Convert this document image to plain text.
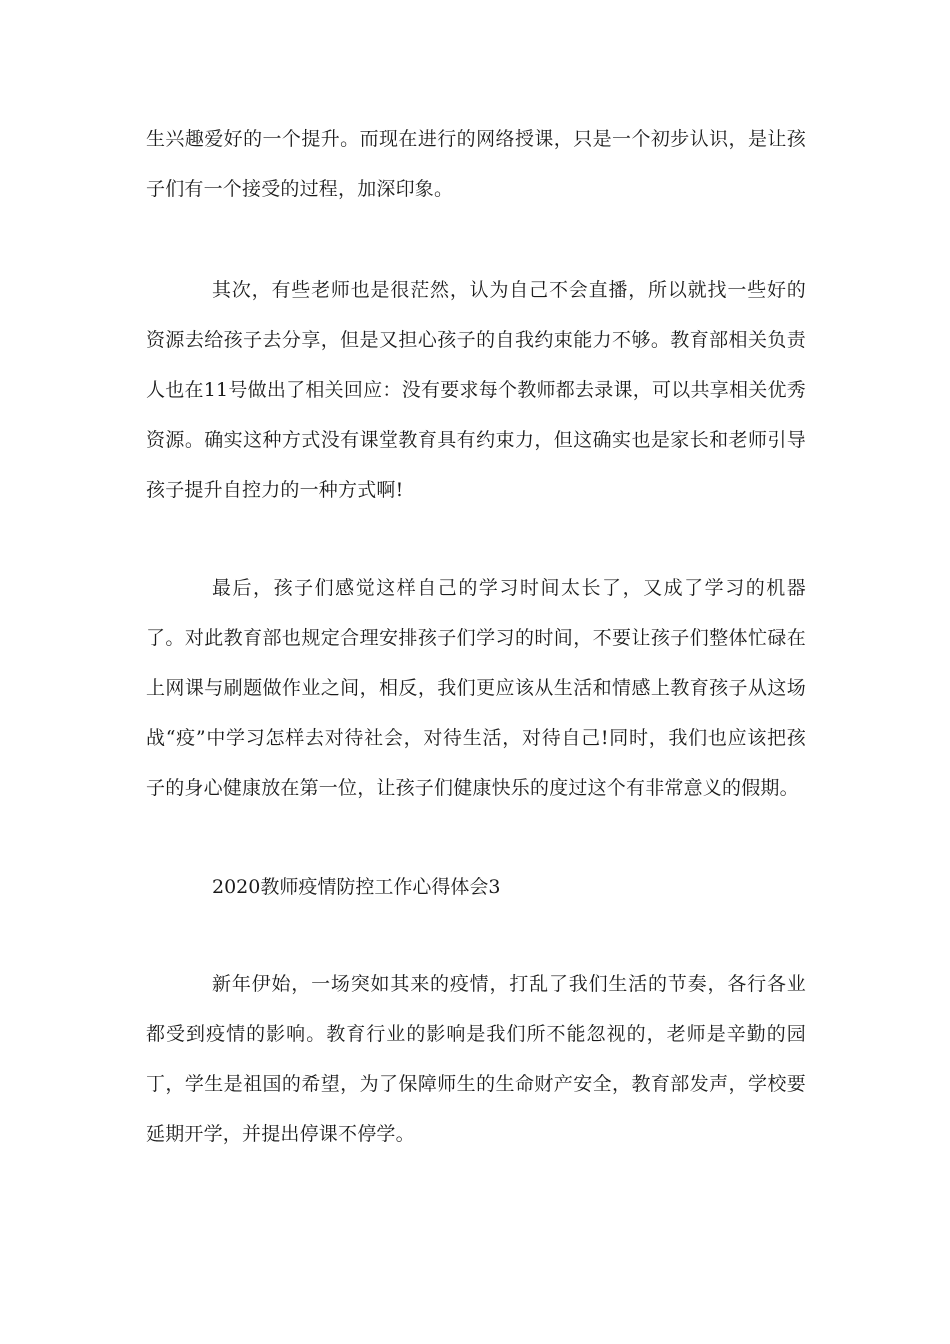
生兴趣爱好的一个提升。而现在进行的网络授课，只是一个初步认识，是让孩子们有一个接受的过程，加深印象。

其次，有些老师也是很茫然，认为自己不会直播，所以就找一些好的资源去给孩子去分享，但是又担心孩子的自我约束能力不够。教育部相关负责人也在11号做出了相关回应：没有要求每个教师都去录课，可以共享相关优秀资源。确实这种方式没有课堂教育具有约束力，但这确实也是家长和老师引导孩子提升自控力的一种方式啊!

最后，孩子们感觉这样自己的学习时间太长了，又成了学习的机器了。对此教育部也规定合理安排孩子们学习的时间，不要让孩子们整体忙碌在上网课与刷题做作业之间，相反，我们更应该从生活和情感上教育孩子从这场战“疫”中学习怎样去对待社会，对待生活，对待自己!同时，我们也应该把孩子的身心健康放在第一位，让孩子们健康快乐的度过这个有非常意义的假期。

2020教师疫情防控工作心得体会3

新年伊始，一场突如其来的疫情，打乱了我们生活的节奏，各行各业都受到疫情的影响。教育行业的影响是我们所不能忽视的，老师是辛勤的园丁，学生是祖国的希望，为了保障师生的生命财产安全，教育部发声，学校要延期开学，并提出停课不停学。
